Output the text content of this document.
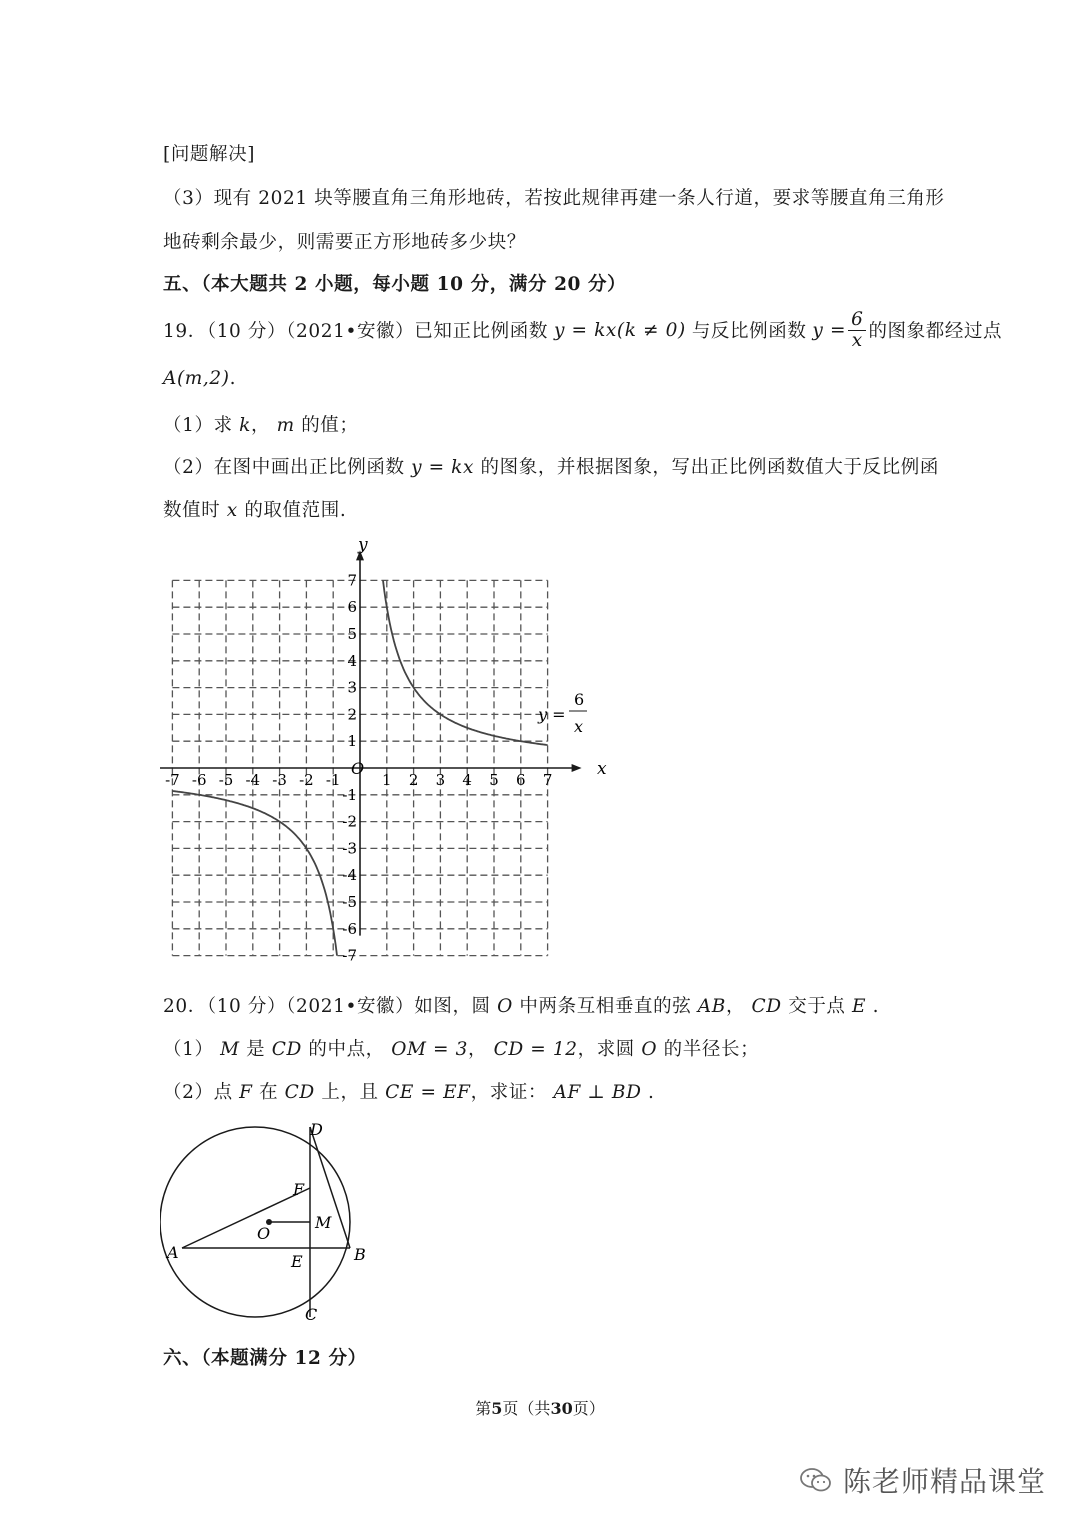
[问题解决]
（3）现有 2021 块等腰直角三角形地砖，若按此规律再建一条人行道，要求等腰直角三角形
地砖剩余最少，则需要正方形地砖多少块？
五、（本大题共 2 小题，每小题 10 分，满分 20 分）
19．（10 分）（2021•安徽）已知正比例函数 y = kx(k ≠ 0) 与反比例函数 $y = \frac{6}{x}$ 的图象都经过点
A(m,2).
（1）求 k， m 的值；
（2）在图中画出正比例函数 y = kx 的图象，并根据图象，写出正比例函数值大于反比例函
数值时 x 的取值范围.
-7 -6 -5 -4 -3 -2 -1	1 2 3 4 5 6 7
7
6
5
4
3
2
1
-1
-2
-3
-4
-5
-6
-7
x
y
O
y =
6
x
20．（10 分）（2021•安徽）如图，圆 O 中两条互相垂直的弦 AB， CD 交于点 E .
（1） M 是 CD 的中点， OM = 3， CD = 12，求圆 O 的半径长；
（2）点 F 在 CD 上，且 CE = EF，求证： AF ⊥ BD .
D
F
M
O
A	E	B
C
六、（本题满分 12 分）
第5页（共30页）
陈老师精品课堂
